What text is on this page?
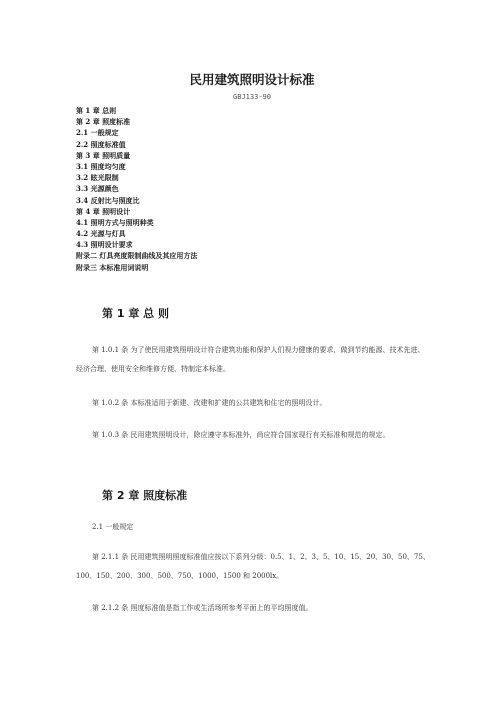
民用建筑照明设计标准
GBJ133-90
第 1 章 总则
第 2 章 照度标准
2.1 一般规定
2.2 照度标准值
第 3 章 照明质量
3.1 照度均匀度
3.2 眩光限制
3.3 光源颜色
3.4 反射比与照度比
第 4 章 照明设计
4.1 照明方式与照明种类
4.2 光源与灯具
4.3 照明设计要求
附录二 灯具亮度限制曲线及其应用方法
附录三 本标准用词说明
第 1 章 总 则

第 1.0.1 条 为了使民用建筑照明设计符合建筑功能和保护人们视力健康的要求，做到节约能源、技术先进、经济合理、使用安全和维修方便，特制定本标准。

第 1.0.2 条 本标准适用于新建、改建和扩建的公共建筑和住宅的照明设计。

第 1.0.3 条 民用建筑照明设计，除应遵守本标准外，尚应符合国家现行有关标准和规范的规定。

第 2 章 照度标准
2.1 一般规定

第 2.1.1 条 民用建筑照明照度标准值应按以下系列分级：0.5、1、2、3、5、10、15、20、30、50、75、100、150、200、300、500、750、1000、1500 和 2000lx。

第 2.1.2 条 照度标准值是指工作或生活场所参考平面上的平均照度值。
